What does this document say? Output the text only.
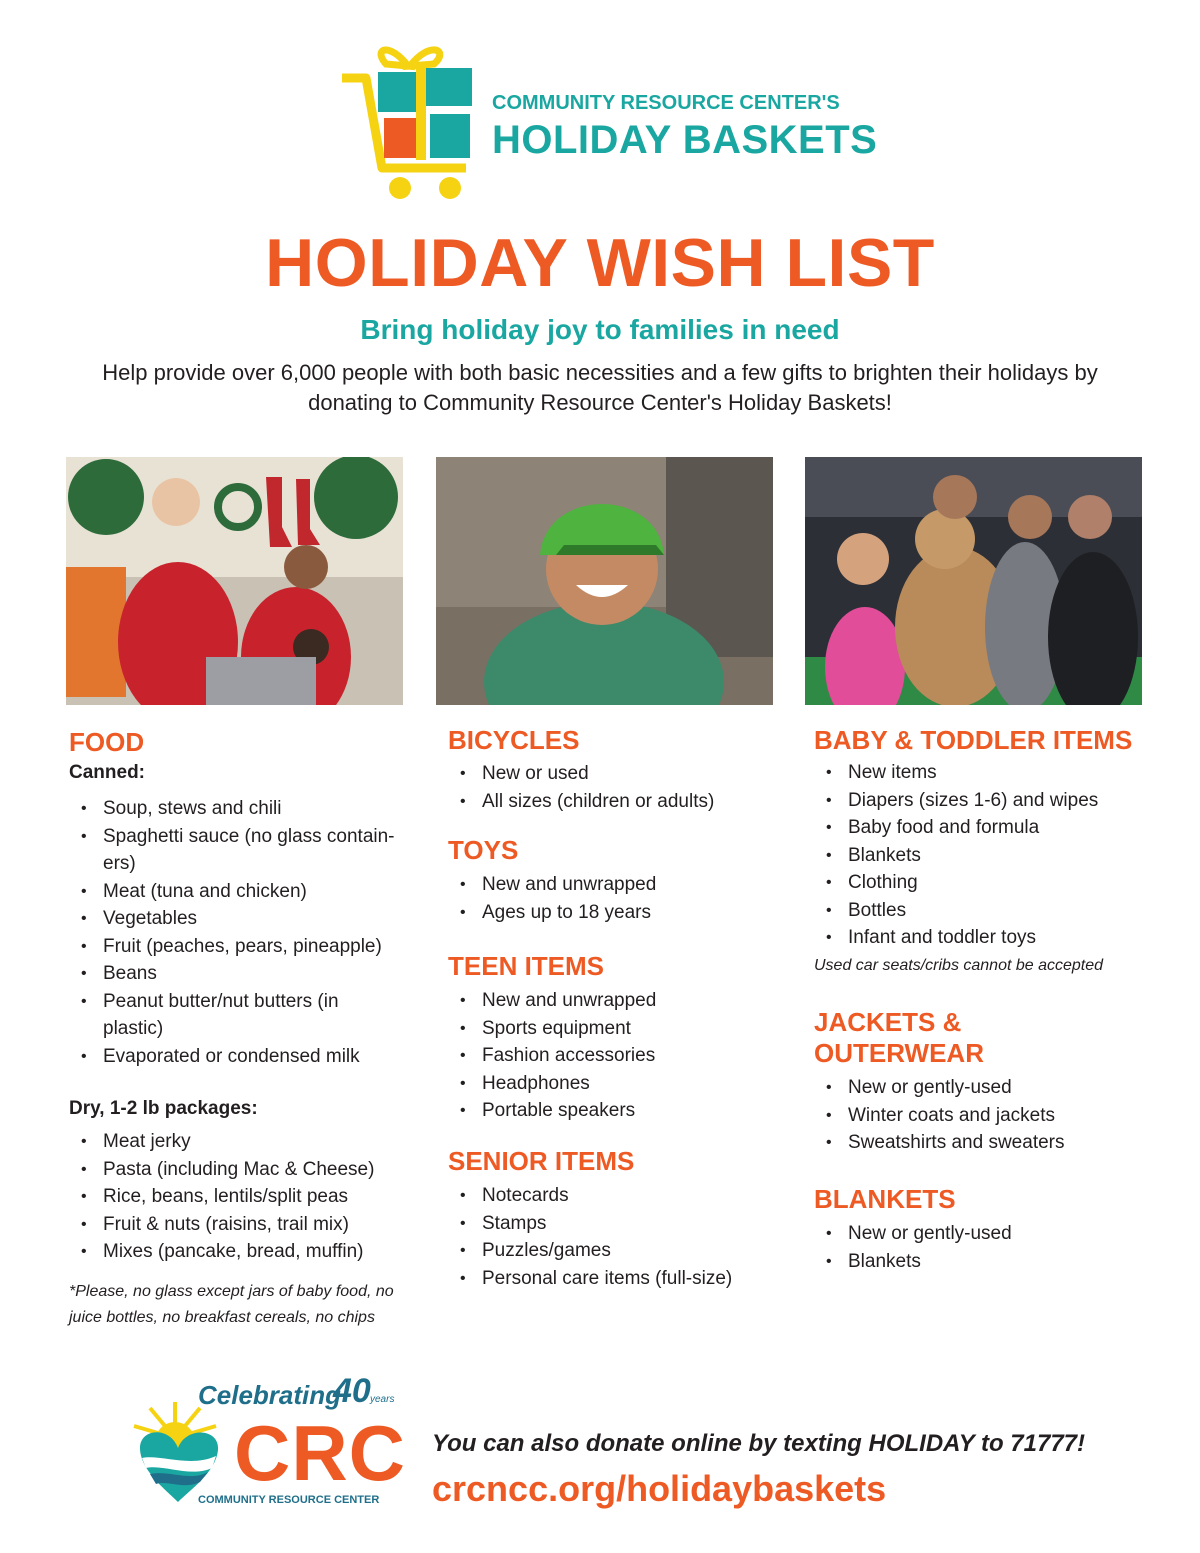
COMMUNITY RESOURCE CENTER'S
HOLIDAY BASKETS
HOLIDAY WISH LIST
Bring holiday joy to families in need
Help provide over 6,000 people with both basic necessities and a few gifts to brighten their holidays by donating to Community Resource Center's Holiday Baskets!
FOOD
Canned:
• Soup, stews and chili
• Spaghetti sauce (no glass contain-ers)
• Meat (tuna and chicken)
• Vegetables
• Fruit (peaches, pears, pineapple)
• Beans
• Peanut butter/nut butters (in plastic)
• Evaporated or condensed milk
Dry, 1-2 lb packages:
• Meat jerky
• Pasta (including Mac & Cheese)
• Rice, beans, lentils/split peas
• Fruit & nuts (raisins, trail mix)
• Mixes (pancake, bread, muffin)
*Please, no glass except jars of baby food, no juice bottles, no breakfast cereals, no chips
BICYCLES
• New or used
• All sizes (children or adults)
TOYS
• New and unwrapped
• Ages up to 18 years
TEEN ITEMS
• New and unwrapped
• Sports equipment
• Fashion accessories
• Headphones
• Portable speakers
SENIOR ITEMS
• Notecards
• Stamps
• Puzzles/games
• Personal care items (full-size)
BABY & TODDLER ITEMS
• New items
• Diapers (sizes 1-6) and wipes
• Baby food and formula
• Blankets
• Clothing
• Bottles
• Infant and toddler toys
Used car seats/cribs cannot be accepted
JACKETS &
OUTERWEAR
• New or gently-used
• Winter coats and jackets
• Sweatshirts and sweaters
BLANKETS
• New or gently-used
• Blankets
Celebrating
40 years
CRC
COMMUNITY RESOURCE CENTER
You can also donate online by texting HOLIDAY to 71777!
crcncc.org/holidaybaskets
